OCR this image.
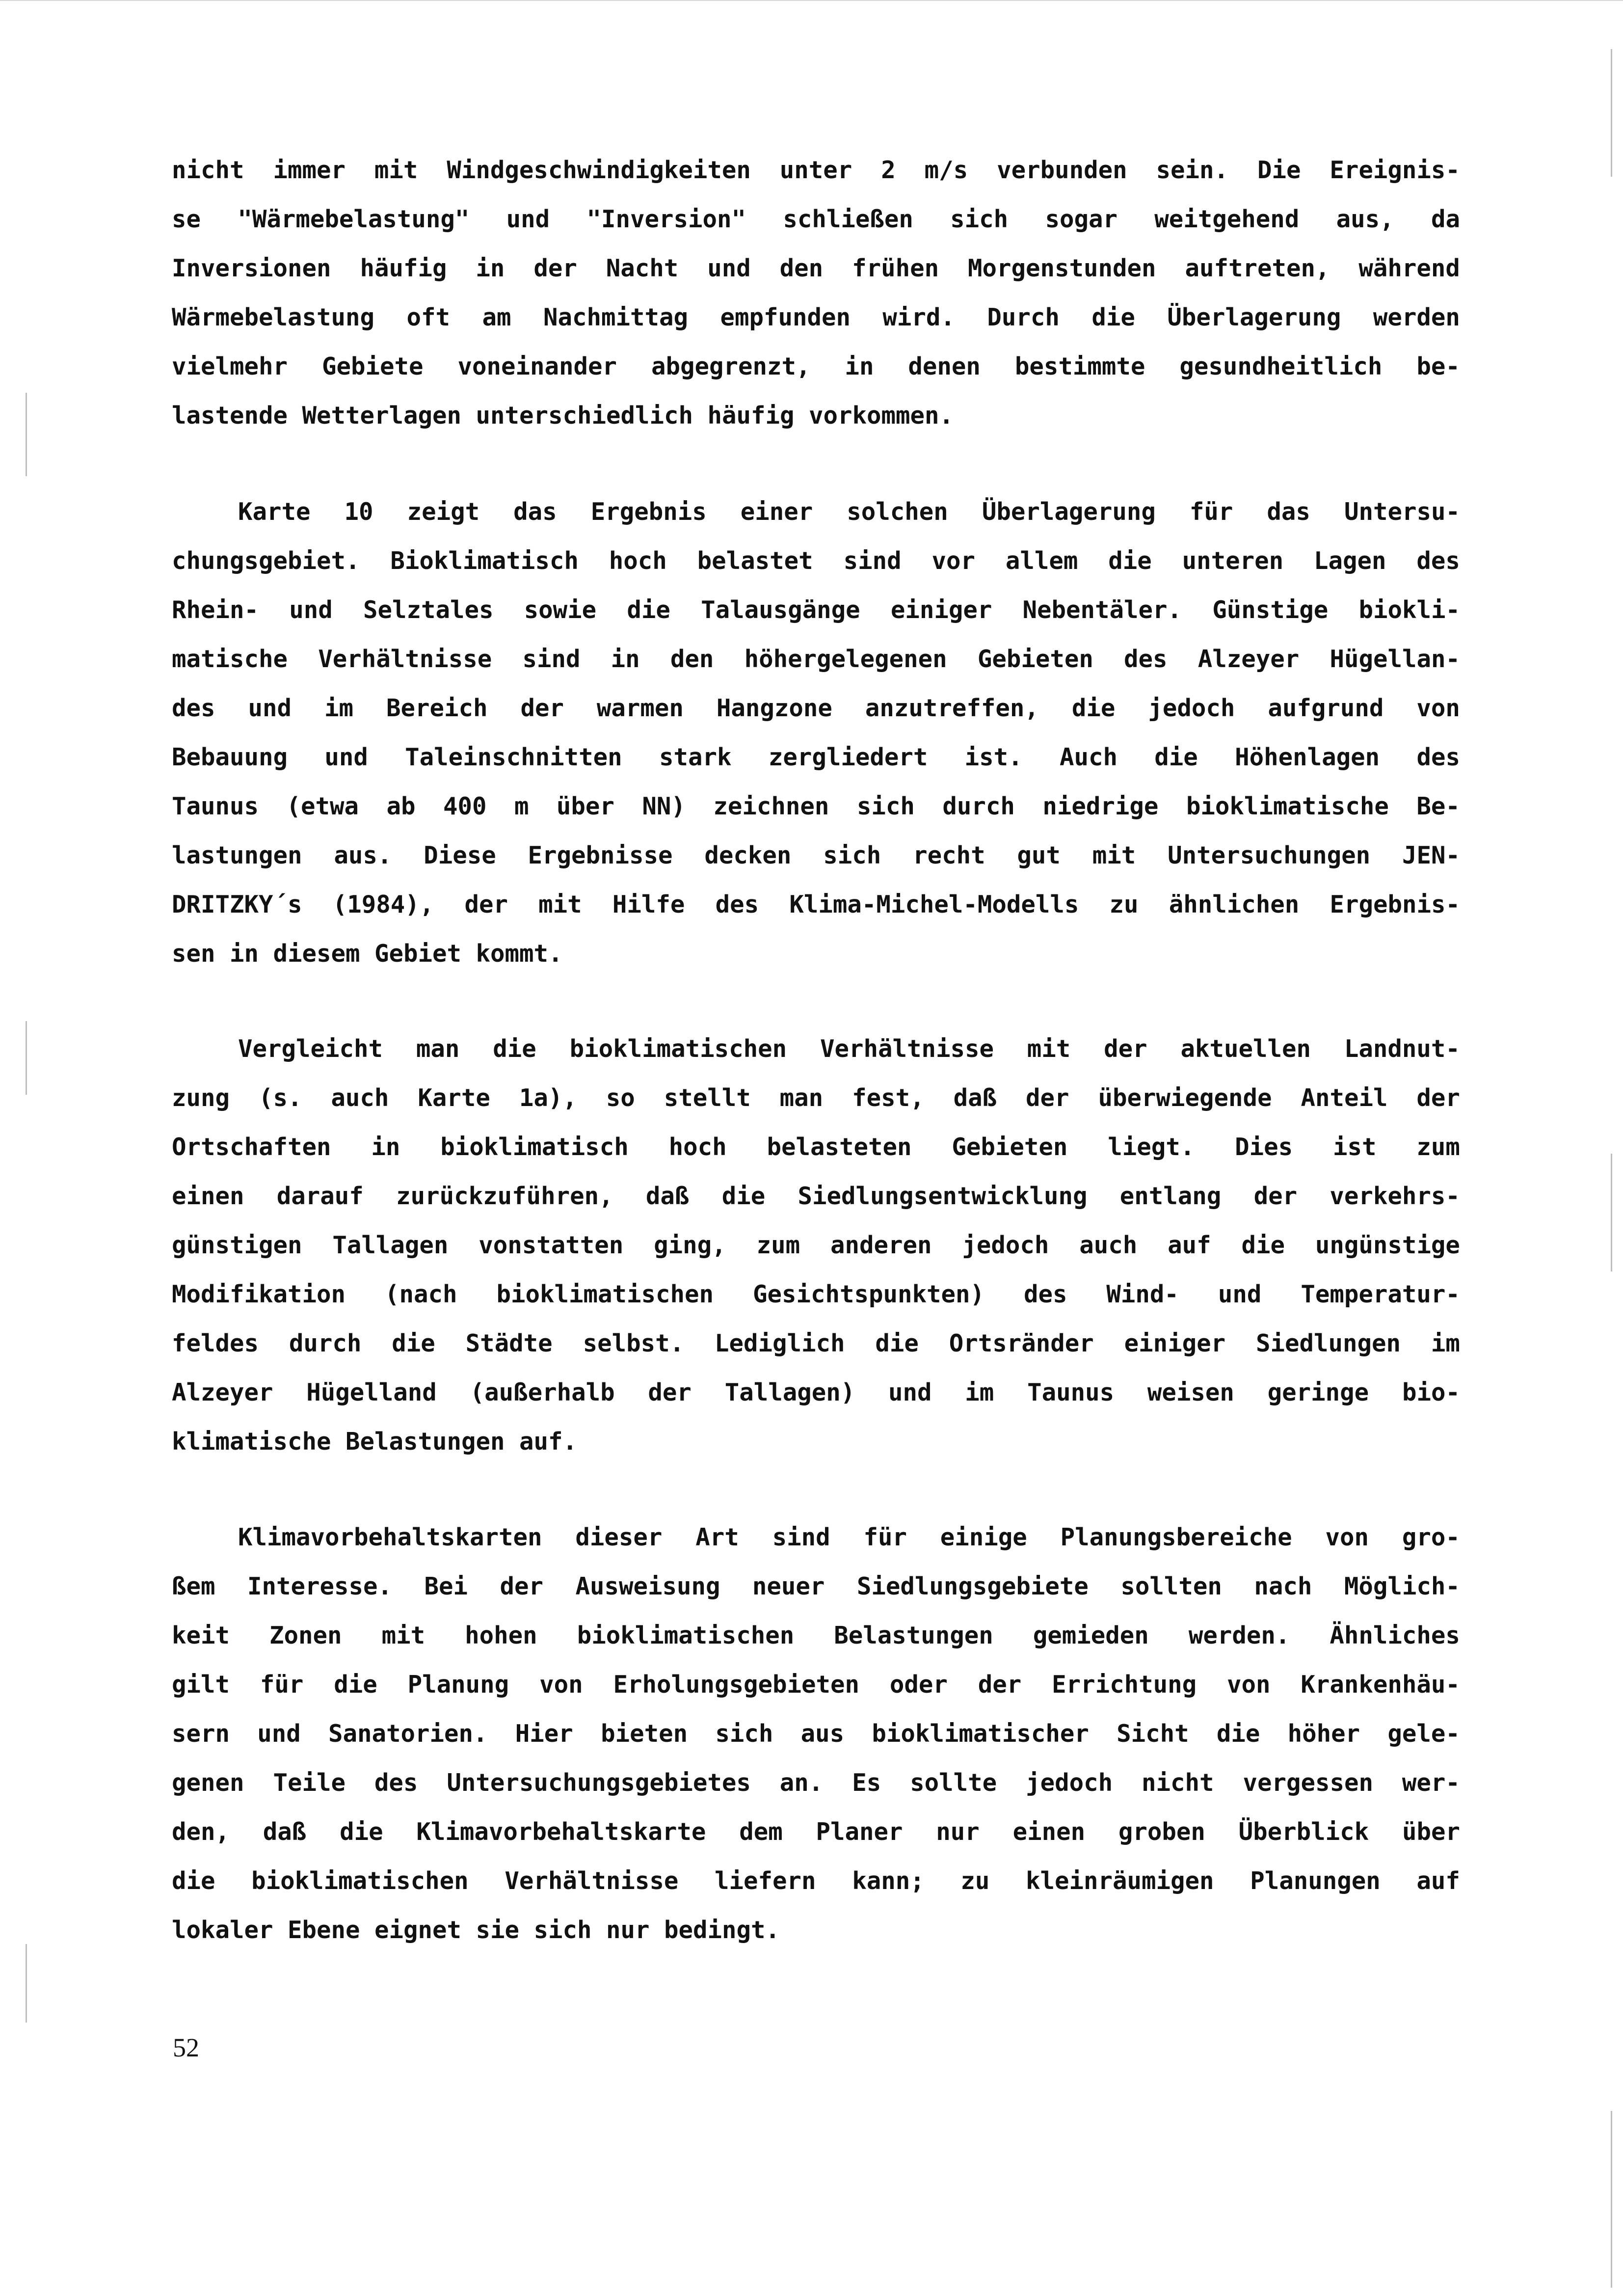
nicht immer mit Windgeschwindigkeiten unter 2 m/s verbunden sein. Die Ereignis-
se "Wärmebelastung" und "Inversion" schließen sich sogar weitgehend aus, da
Inversionen häufig in der Nacht und den frühen Morgenstunden auftreten, während
Wärmebelastung oft am Nachmittag empfunden wird. Durch die Überlagerung werden
vielmehr Gebiete voneinander abgegrenzt, in denen bestimmte gesundheitlich be-
lastende Wetterlagen unterschiedlich häufig vorkommen.
Karte 10 zeigt das Ergebnis einer solchen Überlagerung für das Untersu-
chungsgebiet. Bioklimatisch hoch belastet sind vor allem die unteren Lagen des
Rhein- und Selztales sowie die Talausgänge einiger Nebentäler. Günstige biokli-
matische Verhältnisse sind in den höhergelegenen Gebieten des Alzeyer Hügellan-
des und im Bereich der warmen Hangzone anzutreffen, die jedoch aufgrund von
Bebauung und Taleinschnitten stark zergliedert ist. Auch die Höhenlagen des
Taunus (etwa ab 400 m über NN) zeichnen sich durch niedrige bioklimatische Be-
lastungen aus. Diese Ergebnisse decken sich recht gut mit Untersuchungen JEN-
DRITZKY´s (1984), der mit Hilfe des Klima-Michel-Modells zu ähnlichen Ergebnis-
sen in diesem Gebiet kommt.
Vergleicht man die bioklimatischen Verhältnisse mit der aktuellen Landnut-
zung (s. auch Karte 1a), so stellt man fest, daß der überwiegende Anteil der
Ortschaften in bioklimatisch hoch belasteten Gebieten liegt. Dies ist zum
einen darauf zurückzuführen, daß die Siedlungsentwicklung entlang der verkehrs-
günstigen Tallagen vonstatten ging, zum anderen jedoch auch auf die ungünstige
Modifikation (nach bioklimatischen Gesichtspunkten) des Wind- und Temperatur-
feldes durch die Städte selbst. Lediglich die Ortsränder einiger Siedlungen im
Alzeyer Hügelland (außerhalb der Tallagen) und im Taunus weisen geringe bio-
klimatische Belastungen auf.
Klimavorbehaltskarten dieser Art sind für einige Planungsbereiche von gro-
ßem Interesse. Bei der Ausweisung neuer Siedlungsgebiete sollten nach Möglich-
keit Zonen mit hohen bioklimatischen Belastungen gemieden werden. Ähnliches
gilt für die Planung von Erholungsgebieten oder der Errichtung von Krankenhäu-
sern und Sanatorien. Hier bieten sich aus bioklimatischer Sicht die höher gele-
genen Teile des Untersuchungsgebietes an. Es sollte jedoch nicht vergessen wer-
den, daß die Klimavorbehaltskarte dem Planer nur einen groben Überblick über
die bioklimatischen Verhältnisse liefern kann; zu kleinräumigen Planungen auf
lokaler Ebene eignet sie sich nur bedingt.
52
